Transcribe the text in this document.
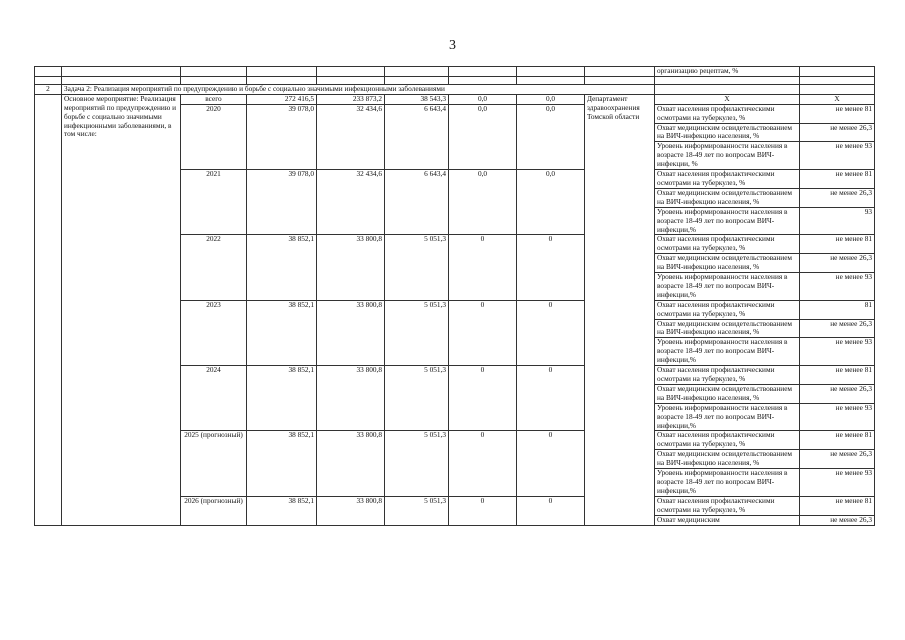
3
									организацию рецептам, %	

2	Задача 2: Реализация мероприятий по предупреждению и борьбе с социально значимыми инфекционными заболеваниями									
	Основное мероприятие: Реализация мероприятий по предупреждению и борьбе с социально значимыми инфекционными заболеваниями, в том числе:	всего	272 416,5	233 873,2	38 543,3	0,0	0,0	Департамент здравоохранения Томской области	Х	Х
		2020	39 078,0	32 434,6	6 643,4	0,0	0,0		Охват населения профилактическими осмотрами на туберкулез, %	не менее 81
									Охват медицинским освидетельствованием на ВИЧ-инфекцию населения, %	не менее 26,3
									Уровень информированности населения в возрасте 18-49 лет по вопросам ВИЧ-инфекции, %	не менее 93
		2021	39 078,0	32 434,6	6 643,4	0,0	0,0		Охват населения профилактическими осмотрами на туберкулез, %	не менее 81
									Охват медицинским освидетельствованием на ВИЧ-инфекцию населения, %	не менее 26,3
									Уровень информированности населения в возрасте 18-49 лет по вопросам ВИЧ-инфекции,%	93
		2022	38 852,1	33 800,8	5 051,3	0	0		Охват населения профилактическими осмотрами на туберкулез, %	не менее 81
									Охват медицинским освидетельствованием на ВИЧ-инфекцию населения, %	не менее 26,3
									Уровень информированности населения в возрасте 18-49 лет по вопросам ВИЧ-инфекции,%	не менее 93
		2023	38 852,1	33 800,8	5 051,3	0	0		Охват населения профилактическими осмотрами на туберкулез, %	81
									Охват медицинским освидетельствованием на ВИЧ-инфекцию населения, %	не менее 26,3
									Уровень информированности населения в возрасте 18-49 лет по вопросам ВИЧ-инфекции,%	не менее 93
		2024	38 852,1	33 800,8	5 051,3	0	0		Охват населения профилактическими осмотрами на туберкулез, %	не менее 81
									Охват медицинским освидетельствованием на ВИЧ-инфекцию населения, %	не менее 26,3
									Уровень информированности населения в возрасте 18-49 лет по вопросам ВИЧ-инфекции,%	не менее 93
		2025 (прогнозный)	38 852,1	33 800,8	5 051,3	0	0		Охват населения профилактическими осмотрами на туберкулез, %	не менее 81
									Охват медицинским освидетельствованием на ВИЧ-инфекцию населения, %	не менее 26,3
									Уровень информированности населения в возрасте 18-49 лет по вопросам ВИЧ-инфекции,%	не менее 93
		2026 (прогнозный)	38 852,1	33 800,8	5 051,3	0	0		Охват населения профилактическими осмотрами на туберкулез, %	не менее 81
									Охват медицинским	не менее 26,3
